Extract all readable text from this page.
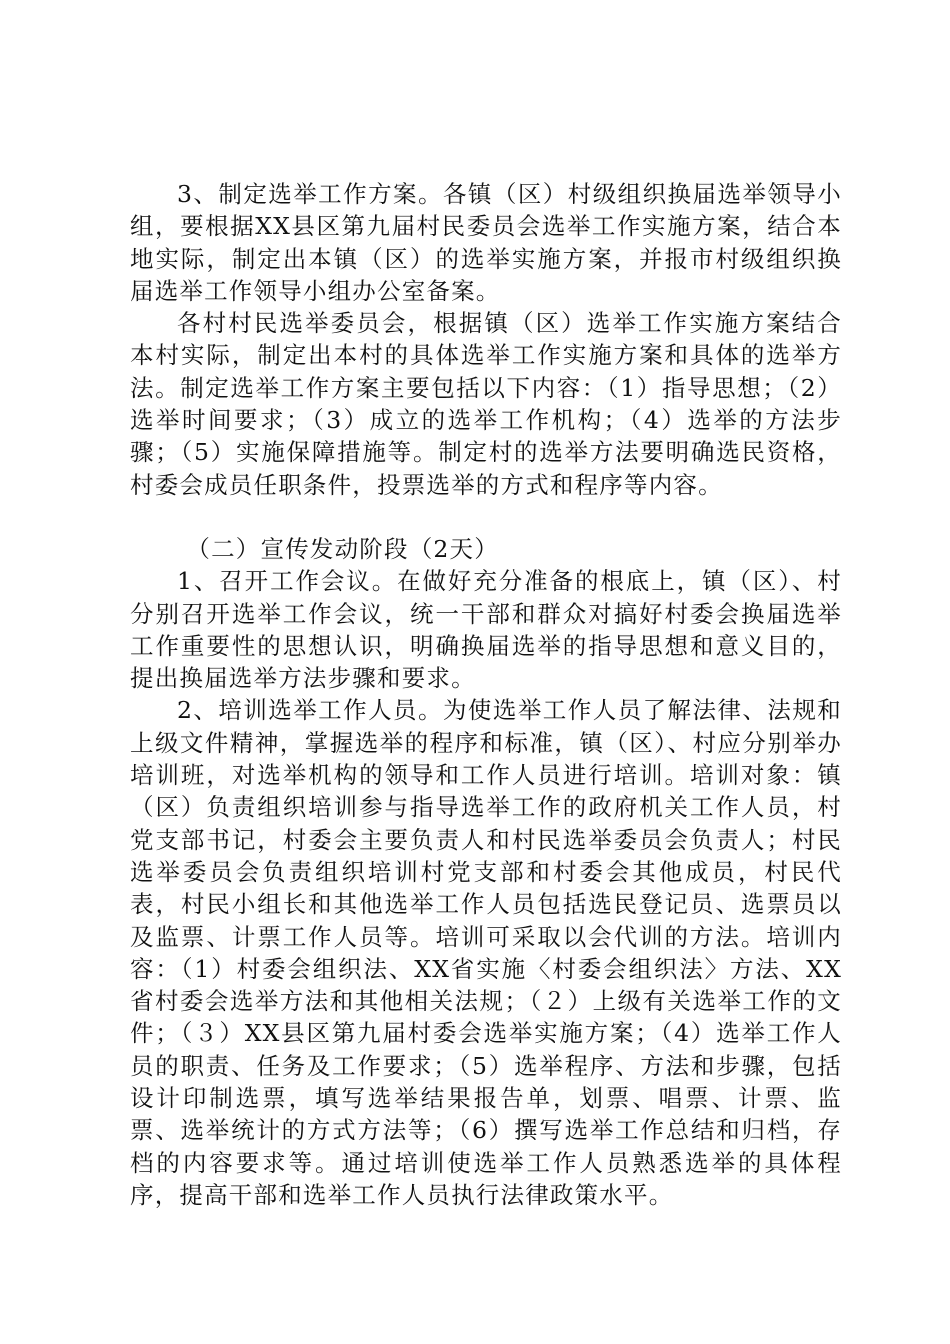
3、制定选举工作方案。各镇（区）村级组织换届选举领导小组，要根据XX县区第九届村民委员会选举工作实施方案，结合本地实际，制定出本镇（区）的选举实施方案，并报市村级组织换届选举工作领导小组办公室备案。

各村村民选举委员会，根据镇（区）选举工作实施方案结合本村实际，制定出本村的具体选举工作实施方案和具体的选举方法。制定选举工作方案主要包括以下内容：（1）指导思想；（2）选举时间要求；（3）成立的选举工作机构；（4）选举的方法步骤；（5）实施保障措施等。制定村的选举方法要明确选民资格，村委会成员任职条件，投票选举的方式和程序等内容。

（二）宣传发动阶段（2天）

1、召开工作会议。在做好充分准备的根底上，镇（区）、村分别召开选举工作会议，统一干部和群众对搞好村委会换届选举工作重要性的思想认识，明确换届选举的指导思想和意义目的，提出换届选举方法步骤和要求。

2、培训选举工作人员。为使选举工作人员了解法律、法规和上级文件精神，掌握选举的程序和标准，镇（区）、村应分别举办培训班，对选举机构的领导和工作人员进行培训。培训对象：镇（区）负责组织培训参与指导选举工作的政府机关工作人员，村党支部书记，村委会主要负责人和村民选举委员会负责人；村民选举委员会负责组织培训村党支部和村委会其他成员，村民代表，村民小组长和其他选举工作人员包括选民登记员、选票员以及监票、计票工作人员等。培训可采取以会代训的方法。培训内容：（1）村委会组织法、XX省实施〈村委会组织法〉方法、XX省村委会选举方法和其他相关法规；（２）上级有关选举工作的文件；（３）XX县区第九届村委会选举实施方案；（4）选举工作人员的职责、任务及工作要求；（5）选举程序、方法和步骤，包括设计印制选票，填写选举结果报告单，划票、唱票、计票、监票、选举统计的方式方法等；（6）撰写选举工作总结和归档，存档的内容要求等。通过培训使选举工作人员熟悉选举的具体程序，提高干部和选举工作人员执行法律政策水平。
